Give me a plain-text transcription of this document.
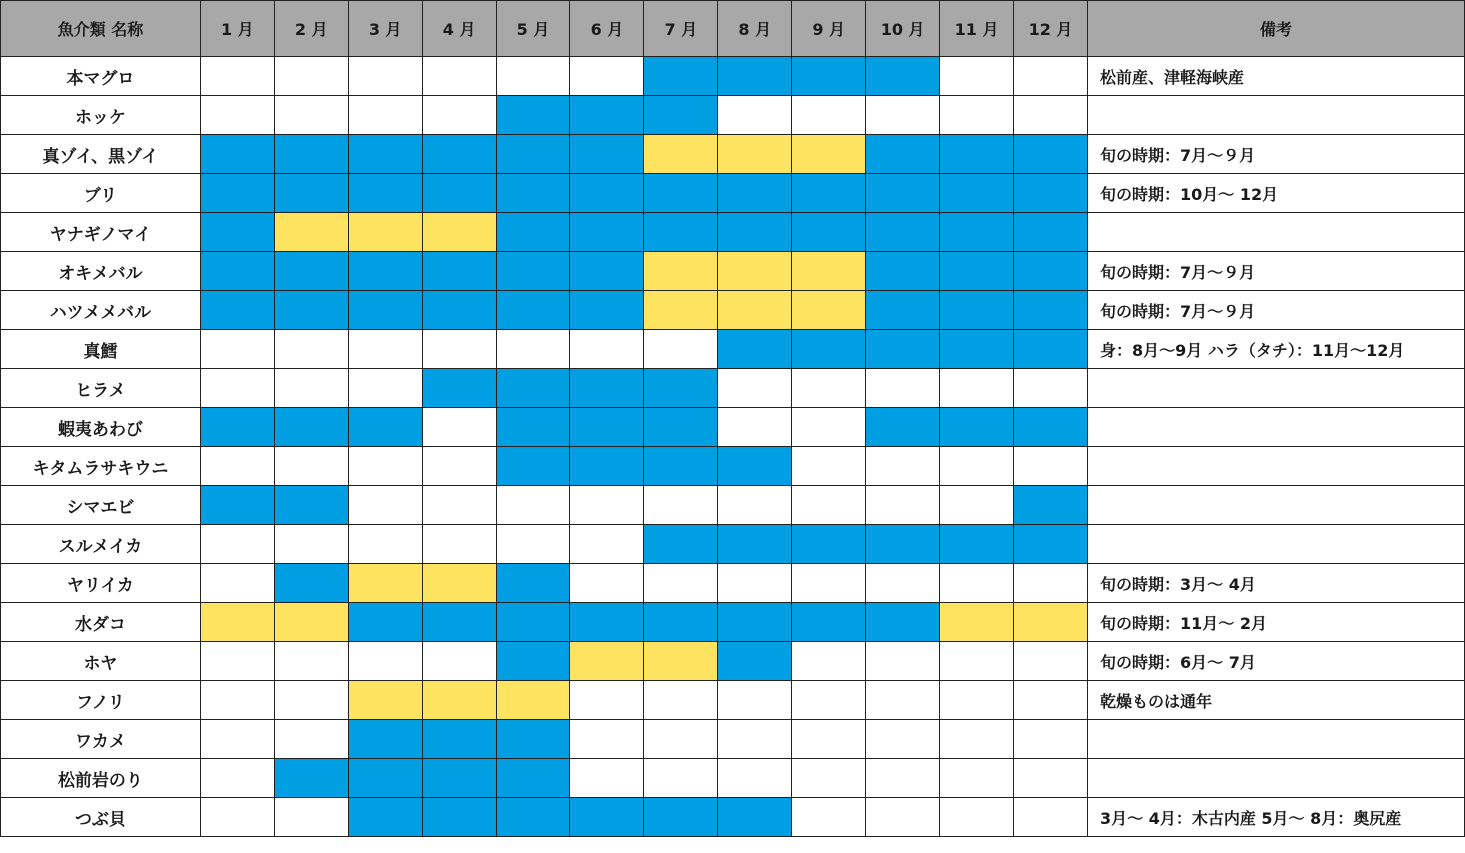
魚介類 名称	1 月	2 月	3 月	4 月	5 月	6 月	7 月	8 月	9 月	10 月	11 月	12 月	備考
本マグロ													松前産、津軽海峡産
ホッケ													
真ゾイ、黒ゾイ													旬の時期：7月～９月
ブリ													旬の時期：10月～ 12月
ヤナギノマイ													
オキメバル													旬の時期：7月～９月
ハツメメバル													旬の時期：7月～９月
真鱈													身：8月～9月 ハラ（タチ）：11月～12月
ヒラメ													
蝦夷あわび													
キタムラサキウニ													
シマエビ													
スルメイカ													
ヤリイカ													旬の時期：3月～ 4月
水ダコ													旬の時期：11月～ 2月
ホヤ													旬の時期：6月～ 7月
フノリ													乾燥ものは通年
ワカメ													
松前岩のり													
つぶ貝													3月～ 4月：木古内産 5月～ 8月：奥尻産
